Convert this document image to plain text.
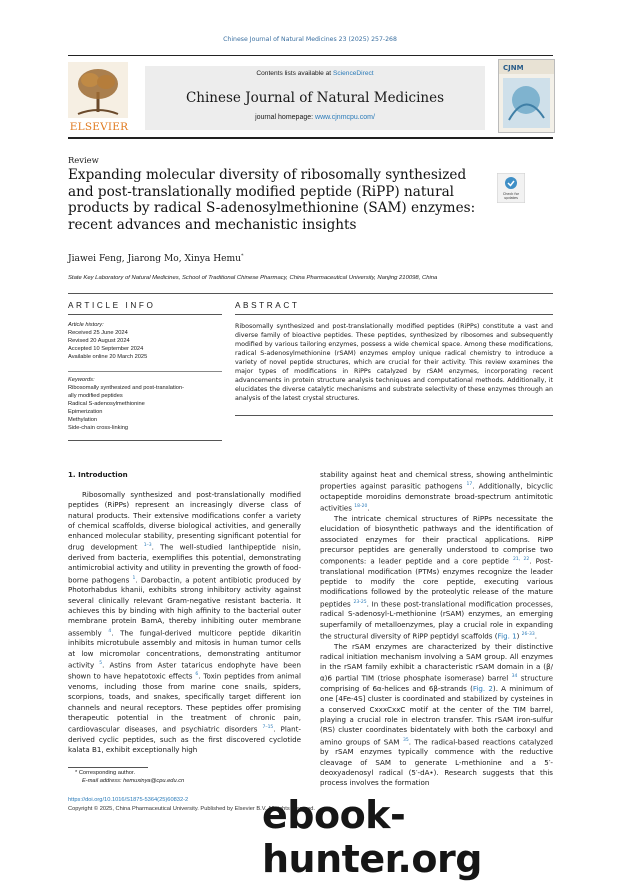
Chinese Journal of Natural Medicines 23 (2025) 257-268
ELSEVIER
Contents lists available at ScienceDirect
Chinese Journal of Natural Medicines
journal homepage: www.cjnmcpu.com/
CJNM
Review
Expanding molecular diversity of ribosomally synthesized and post-translationally modified peptide (RiPP) natural products by radical S-adenosylmethionine (SAM) enzymes: recent advances and mechanistic insights
Check for
updates
Jiawei Feng, Jiarong Mo, Xinya Hemu*
State Key Laboratory of Natural Medicines, School of Traditional Chinese Pharmacy, China Pharmaceutical University, Nanjing 210098, China
ARTICLE INFO	ABSTRACT
Article history:
Received 25 June 2024
Revised 20 August 2024
Accepted 10 September 2024
Available online 20 March 2025
Keywords:
Ribosomally synthesized and post-translation-
ally modified peptides
Radical S-adenosylmethionine
Epimerization
Methylation
Side-chain cross-linking
Ribosomally synthesized and post-translationally modified peptides (RiPPs) constitute a vast and diverse family of bioactive peptides. These peptides, synthesized by ribosomes and subsequently modified by various tailoring enzymes, possess a wide chemical space. Among these modifications, radical S-adenosylmethionine (rSAM) enzymes employ unique radical chemistry to introduce a variety of novel peptide structures, which are crucial for their activity. This review examines the major types of modifications in RiPPs catalyzed by rSAM enzymes, incorporating recent advancements in protein structure analysis techniques and computational methods. Additionally, it elucidates the diverse catalytic mechanisms and substrate selectivity of these enzymes through an analysis of the latest crystal structures.
1. Introduction

Ribosomally synthesized and post-translationally modified peptides (RiPPs) represent an increasingly diverse class of natural products. Their extensive modifications confer a variety of chemical scaffolds, diverse biological activities, and generally enhanced molecular stability, presenting significant potential for drug development $^{1-3}$. The well-studied lanthipeptide nisin, derived from bacteria, exemplifies this potential, demonstrating antimicrobial activity and utility in preventing the growth of food-borne pathogens $^1$. Darobactin, a potent antibiotic produced by Photorhabdus khanii, exhibits strong inhibitory activity against several clinically relevant Gram-negative resistant bacteria. It achieves this by binding with high affinity to the bacterial outer membrane protein BamA, thereby inhibiting outer membrane assembly $^4$. The fungal-derived multicore peptide dikaritin inhibits microtubule assembly and mitosis in human tumor cells at low micromolar concentrations, demonstrating antitumor activity $^5$. Astins from Aster tataricus endophyte have been shown to have hepatotoxic effects $^6$. Toxin peptides from animal venoms, including those from marine cone snails, spiders, scorpions, toads, and snakes, specifically target different ion channels and neural receptors. These peptides offer promising therapeutic potential in the treatment of chronic pain, cardiovascular diseases, and psychiatric disorders $^{7-15}$. Plant-derived cyclic peptides, such as the first discovered cyclotide kalata B1, exhibit exceptionally high

stability against heat and chemical stress, showing anthelmintic properties against parasitic pathogens $^{17}$. Additionally, bicyclic octapeptide moroidins demonstrate broad-spectrum antimitotic activities $^{18-20}$.

The intricate chemical structures of RiPPs necessitate the elucidation of biosynthetic pathways and the identification of associated enzymes for their practical applications. RiPP precursor peptides are generally understood to comprise two components: a leader peptide and a core peptide $^{21, 22}$. Post-translational modification (PTMs) enzymes recognize the leader peptide to modify the core peptide, executing various modifications followed by the proteolytic release of the mature peptides $^{23-25}$. In these post-translational modification processes, radical S-adenosyl-L-methionine (rSAM) enzymes, an emerging superfamily of metalloenzymes, play a crucial role in expanding the structural diversity of RiPP peptidyl scaffolds (Fig. 1) $^{26-33}$.

The rSAM enzymes are characterized by their distinctive radical initiation mechanism involving a SAM group. All enzymes in the rSAM family exhibit a characteristic rSAM domain in a (β/α)6 partial TIM (triose phosphate isomerase) barrel $^{34}$ structure comprising of 6α-helices and 6β-strands (Fig. 2). A minimum of one [4Fe-4S] cluster is coordinated and stabilized by cysteines in a conserved CxxxCxxC motif at the center of the TIM barrel, playing a crucial role in electron transfer. This rSAM iron-sulfur (RS) cluster coordinates bidentately with both the carboxyl and amino groups of SAM $^{35}$. The radical-based reactions catalyzed by rSAM enzymes typically commence with the reductive cleavage of SAM to generate L-methionine and a 5′-deoxyadenosyl radical (5′-dA•). Research suggests that this process involves the formation

* Corresponding author.
E-mail address: hemuxinya@cpu.edu.cn
https://doi.org/10.1016/S1875-5364(25)60832-2
Copyright © 2025, China Pharmaceutical University. Published by Elsevier B.V. All rights reserved.
ebook-hunter.org
